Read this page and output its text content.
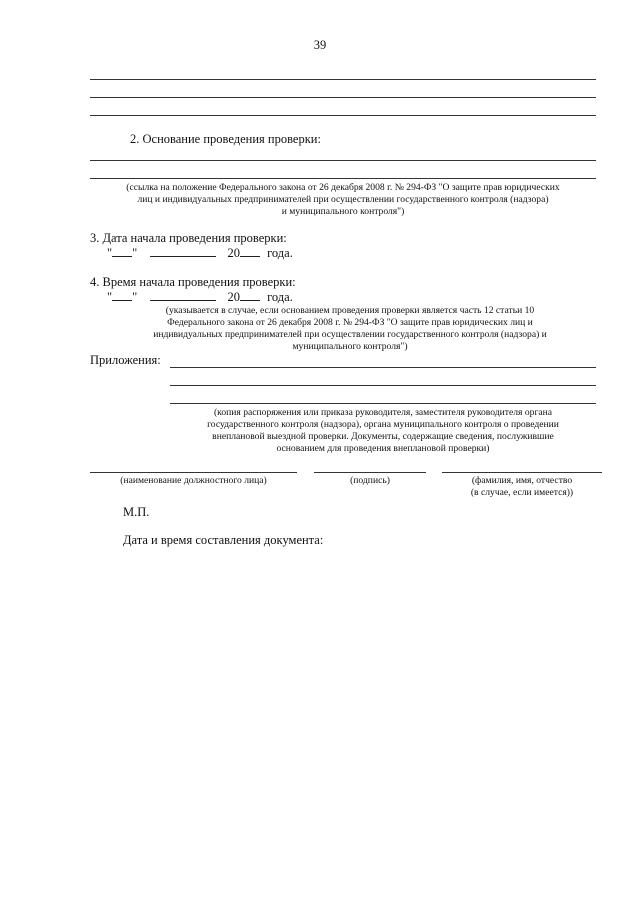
39
2. Основание проведения проверки:
(ссылка на положение Федерального закона от 26 декабря 2008 г. № 294-ФЗ "О защите прав юридических
лиц и индивидуальных предпринимателей при осуществлении государственного контроля (надзора)
и муниципального контроля")
3. Дата начала проведения проверки:
" "	20 года.
4. Время начала проведения проверки:
" "	20 года.
(указывается в случае, если основанием проведения проверки является часть 12 статьи 10
Федерального закона от 26 декабря 2008 г. № 294-ФЗ "О защите прав юридических лиц и
индивидуальных предпринимателей при осуществлении государственного контроля (надзора) и
муниципального контроля")
Приложения:
(копия распоряжения или приказа руководителя, заместителя руководителя органа
государственного контроля (надзора), органа муниципального контроля о проведении
внеплановой выездной проверки. Документы, содержащие сведения, послужившие
основанием для проведения внеплановой проверки)
(наименование должностного лица)	(подпись)	(фамилия, имя, отчество
(в случае, если имеется))
М.П.
Дата и время составления документа:
